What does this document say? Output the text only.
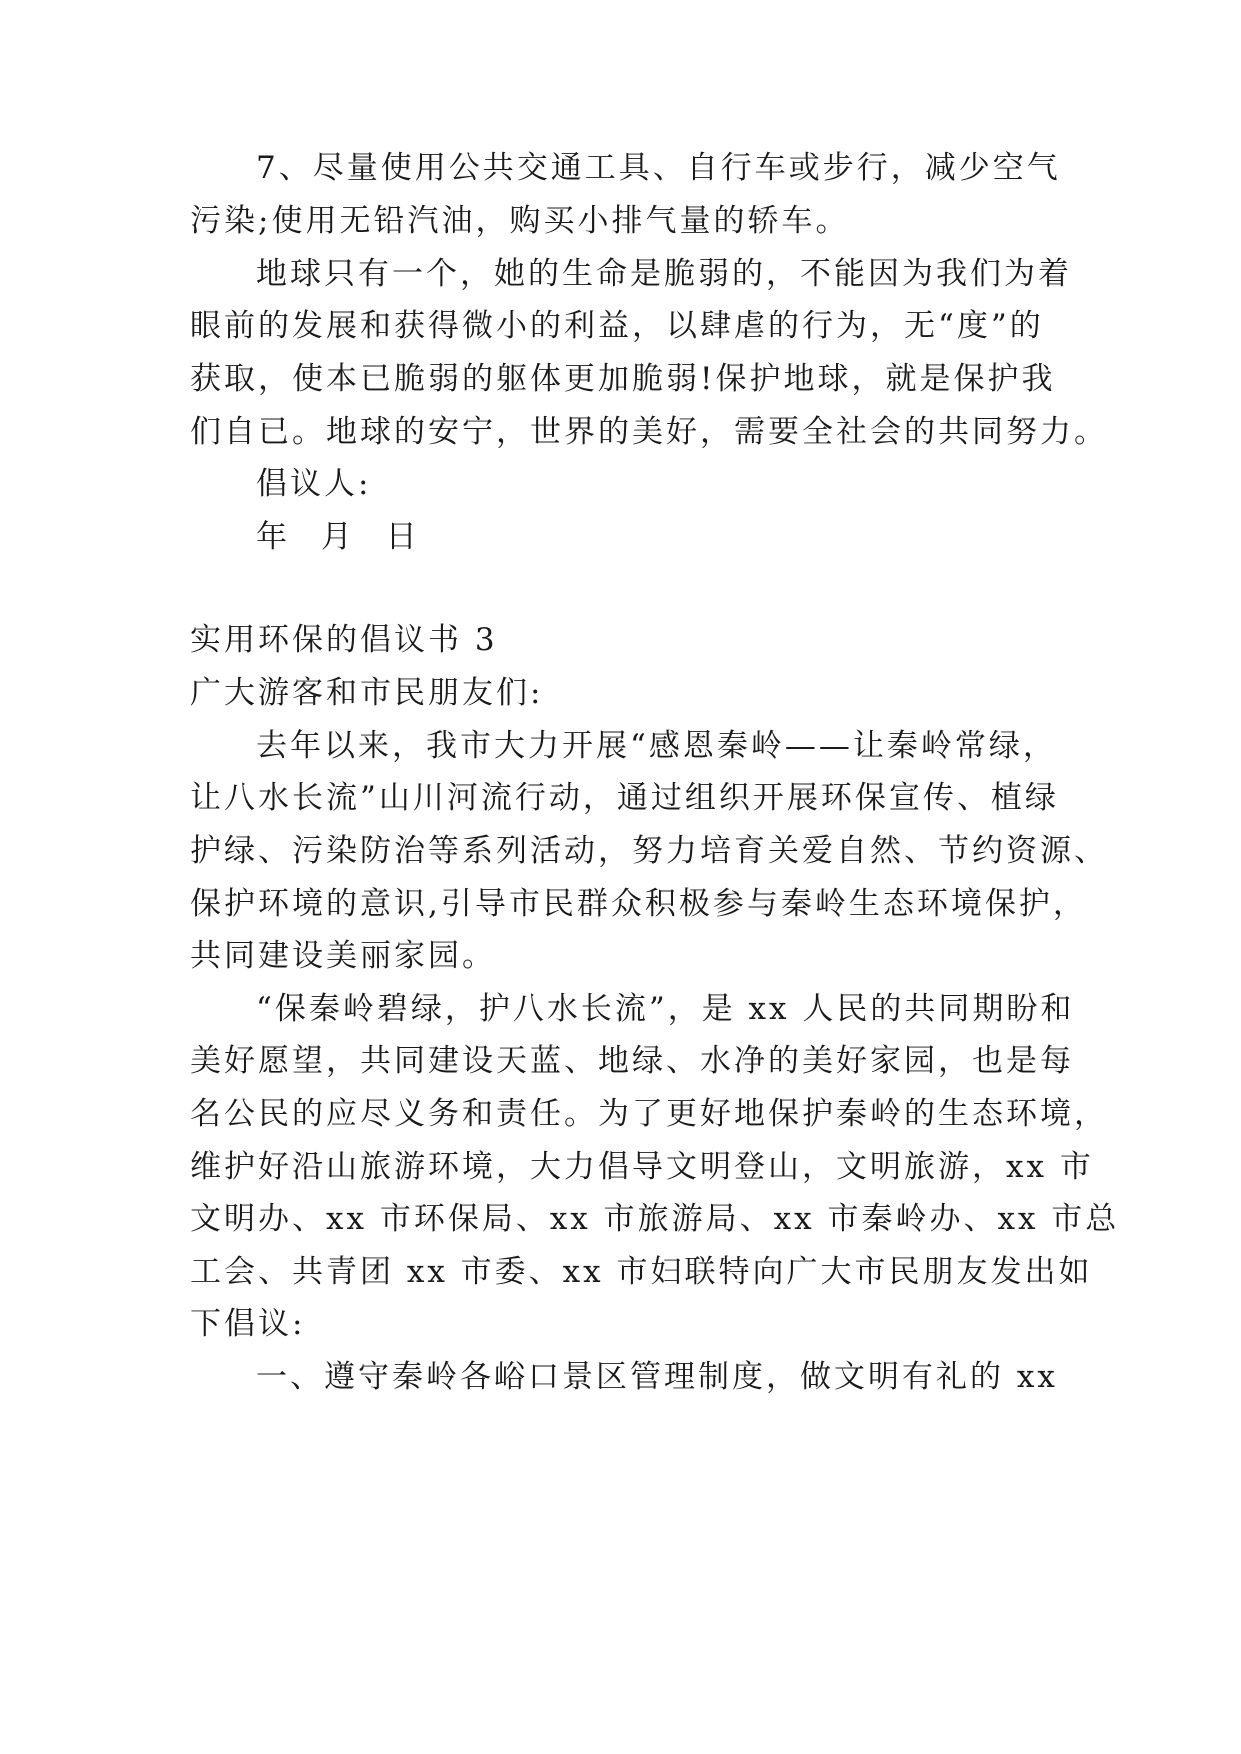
7、尽量使用公共交通工具、自行车或步行，减少空气
污染;使用无铅汽油，购买小排气量的轿车。
地球只有一个，她的生命是脆弱的，不能因为我们为着
眼前的发展和获得微小的利益，以肆虐的行为，无“度”的
获取，使本已脆弱的躯体更加脆弱!保护地球，就是保护我
们自已。地球的安宁，世界的美好，需要全社会的共同努力。
倡议人:
年 月 日
实用环保的倡议书 3
广大游客和市民朋友们:
去年以来，我市大力开展“感恩秦岭——让秦岭常绿，
让八水长流”山川河流行动，通过组织开展环保宣传、植绿
护绿、污染防治等系列活动，努力培育关爱自然、节约资源、
保护环境的意识,引导市民群众积极参与秦岭生态环境保护，
共同建设美丽家园。
“保秦岭碧绿，护八水长流”，是 xx 人民的共同期盼和
美好愿望，共同建设天蓝、地绿、水净的美好家园，也是每
名公民的应尽义务和责任。为了更好地保护秦岭的生态环境，
维护好沿山旅游环境，大力倡导文明登山，文明旅游，xx 市
文明办、xx 市环保局、xx 市旅游局、xx 市秦岭办、xx 市总
工会、共青团 xx 市委、xx 市妇联特向广大市民朋友发出如
下倡议:
一、遵守秦岭各峪口景区管理制度，做文明有礼的 xx
